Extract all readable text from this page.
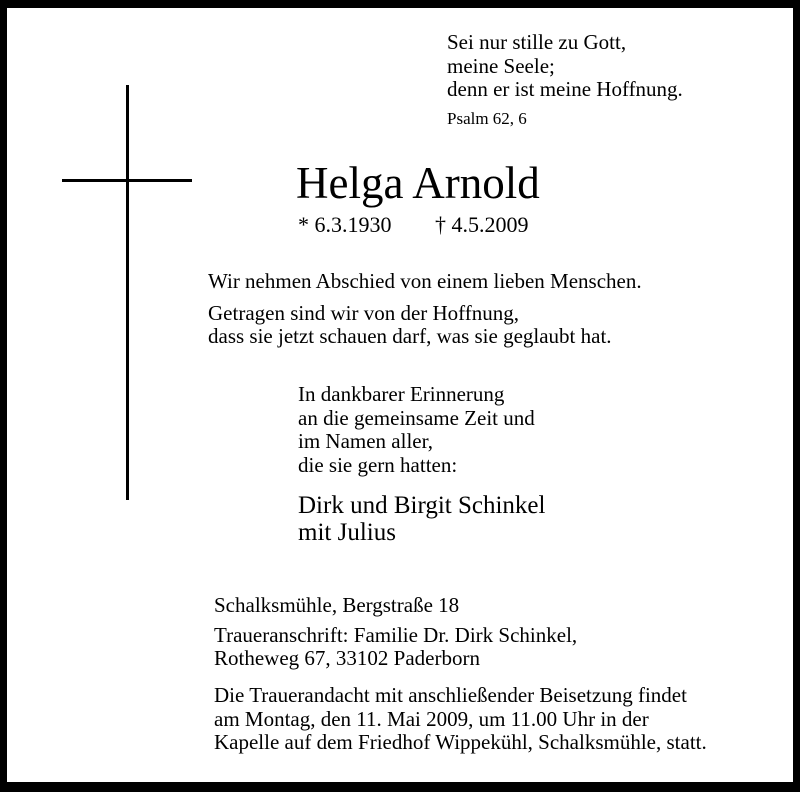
Sei nur stille zu Gott,
meine Seele;
denn er ist meine Hoffnung.
Psalm 62, 6
Helga Arnold
* 6.3.1930 † 4.5.2009
Wir nehmen Abschied von einem lieben Menschen.
Getragen sind wir von der Hoffnung,
dass sie jetzt schauen darf, was sie geglaubt hat.
In dankbarer Erinnerung
an die gemeinsame Zeit und
im Namen aller,
die sie gern hatten:
Dirk und Birgit Schinkel
mit Julius
Schalksmühle, Bergstraße 18
Traueranschrift: Familie Dr. Dirk Schinkel,
Rotheweg 67, 33102 Paderborn
Die Trauerandacht mit anschließender Beisetzung findet
am Montag, den 11. Mai 2009, um 11.00 Uhr in der
Kapelle auf dem Friedhof Wippekühl, Schalksmühle, statt.
